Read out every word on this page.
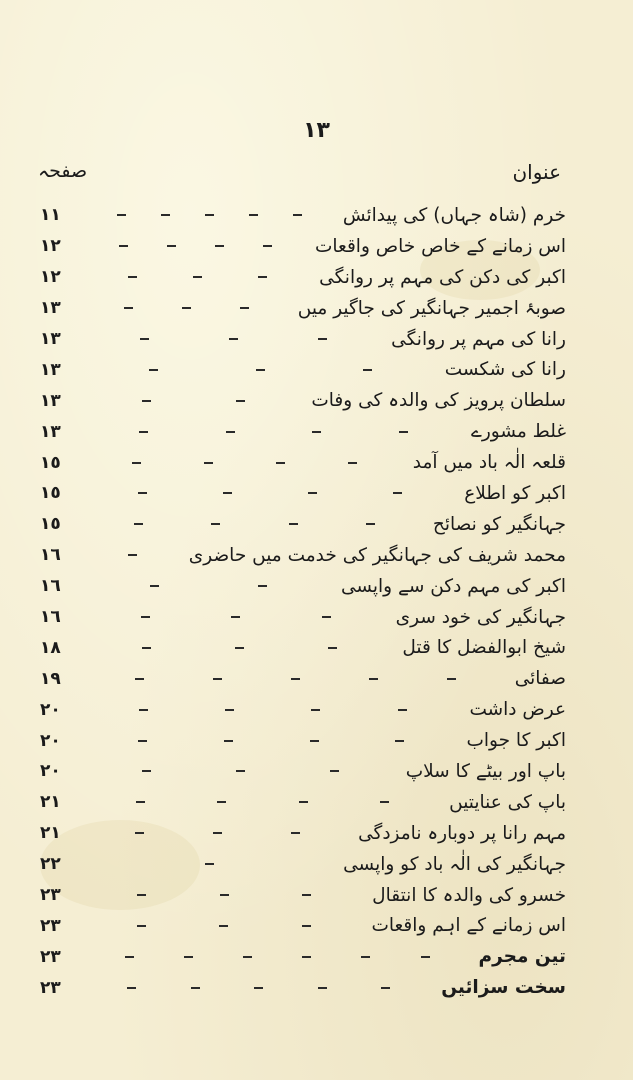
١٣
عنوان
صفحہ
خرم (شاہ جہاں) کی پیدائش
١١
اس زمانے کے خاص خاص واقعات
١٢
اکبر کی دکن کی مہم پر روانگی
١٢
صوبۂ اجمیر جہانگیر کی جاگیر میں
١٣
رانا کی مہم پر روانگی
١٣
رانا کی شکست
١٣
سلطان پرویز کی والدہ کی وفات
١٣
غلط مشورے
١٣
قلعہ الٰہ باد میں آمد
١٥
اکبر کو اطلاع
١٥
جہانگیر کو نصائح
١٥
محمد شریف کی جہانگیر کی خدمت میں حاضری
١٦
اکبر کی مہم دکن سے واپسی
١٦
جہانگیر کی خود سری
١٦
شیخ ابوالفضل کا قتل
١٨
صفائی
١٩
عرض داشت
٢٠
اکبر کا جواب
٢٠
باپ اور بیٹے کا سلاپ
٢٠
باپ کی عنایتیں
٢١
مہم رانا پر دوبارہ نامزدگی
٢١
جہانگیر کی الٰہ باد کو واپسی
٢٢
خسرو کی والدہ کا انتقال
٢٣
اس زمانے کے اہم واقعات
٢٣
تین مجرم
٢٣
سخت سزائیں
٢٣
